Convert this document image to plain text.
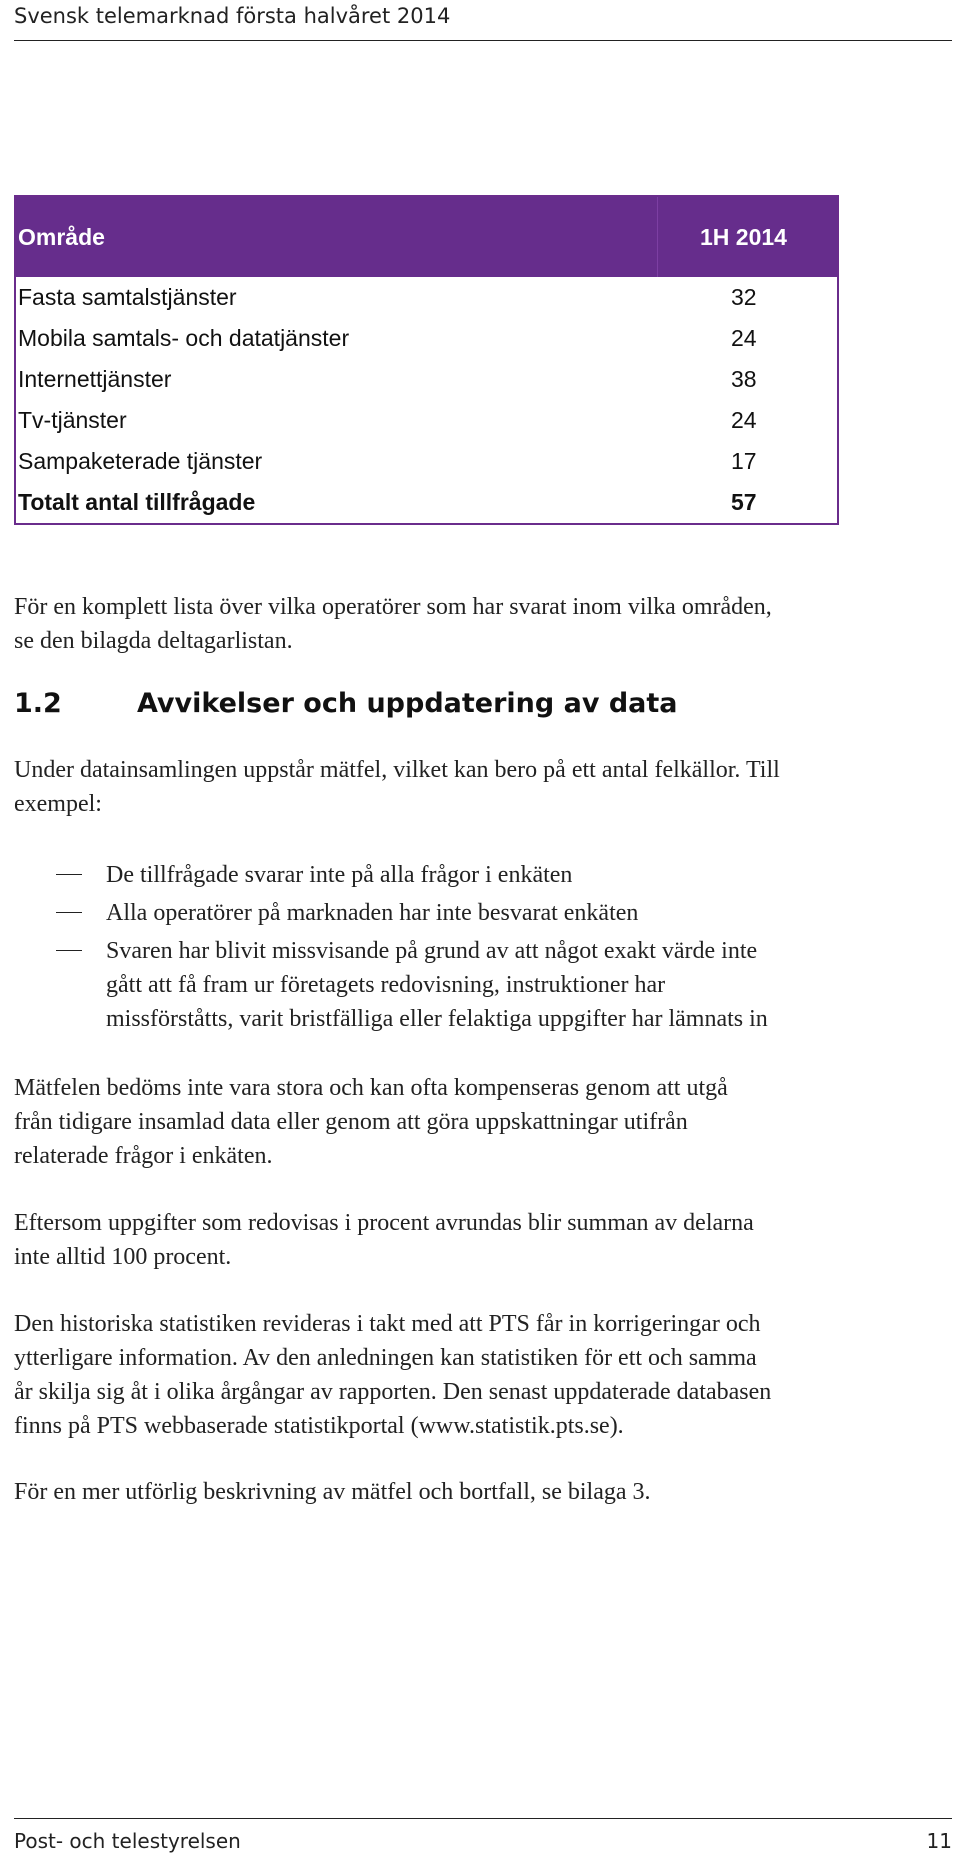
Svensk telemarknad första halvåret 2014
Område	1H 2014
Fasta samtalstjänster	32
Mobila samtals- och datatjänster	24
Internettjänster	38
Tv-tjänster	24
Sampaketerade tjänster	17
Totalt antal tillfrågade	57

För en komplett lista över vilka operatörer som har svarat inom vilka områden,
se den bilagda deltagarlistan.

1.2	Avvikelser och uppdatering av data

Under datainsamlingen uppstår mätfel, vilket kan bero på ett antal felkällor. Till
exempel:

De tillfrågade svarar inte på alla frågor i enkäten
Alla operatörer på marknaden har inte besvarat enkäten
Svaren har blivit missvisande på grund av att något exakt värde inte
gått att få fram ur företagets redovisning, instruktioner har
missförståtts, varit bristfälliga eller felaktiga uppgifter har lämnats in

Mätfelen bedöms inte vara stora och kan ofta kompenseras genom att utgå
från tidigare insamlad data eller genom att göra uppskattningar utifrån
relaterade frågor i enkäten.

Eftersom uppgifter som redovisas i procent avrundas blir summan av delarna
inte alltid 100 procent.

Den historiska statistiken revideras i takt med att PTS får in korrigeringar och
ytterligare information. Av den anledningen kan statistiken för ett och samma
år skilja sig åt i olika årgångar av rapporten. Den senast uppdaterade databasen
finns på PTS webbaserade statistikportal (www.statistik.pts.se).

För en mer utförlig beskrivning av mätfel och bortfall, se bilaga 3.

Post- och telestyrelsen	11
